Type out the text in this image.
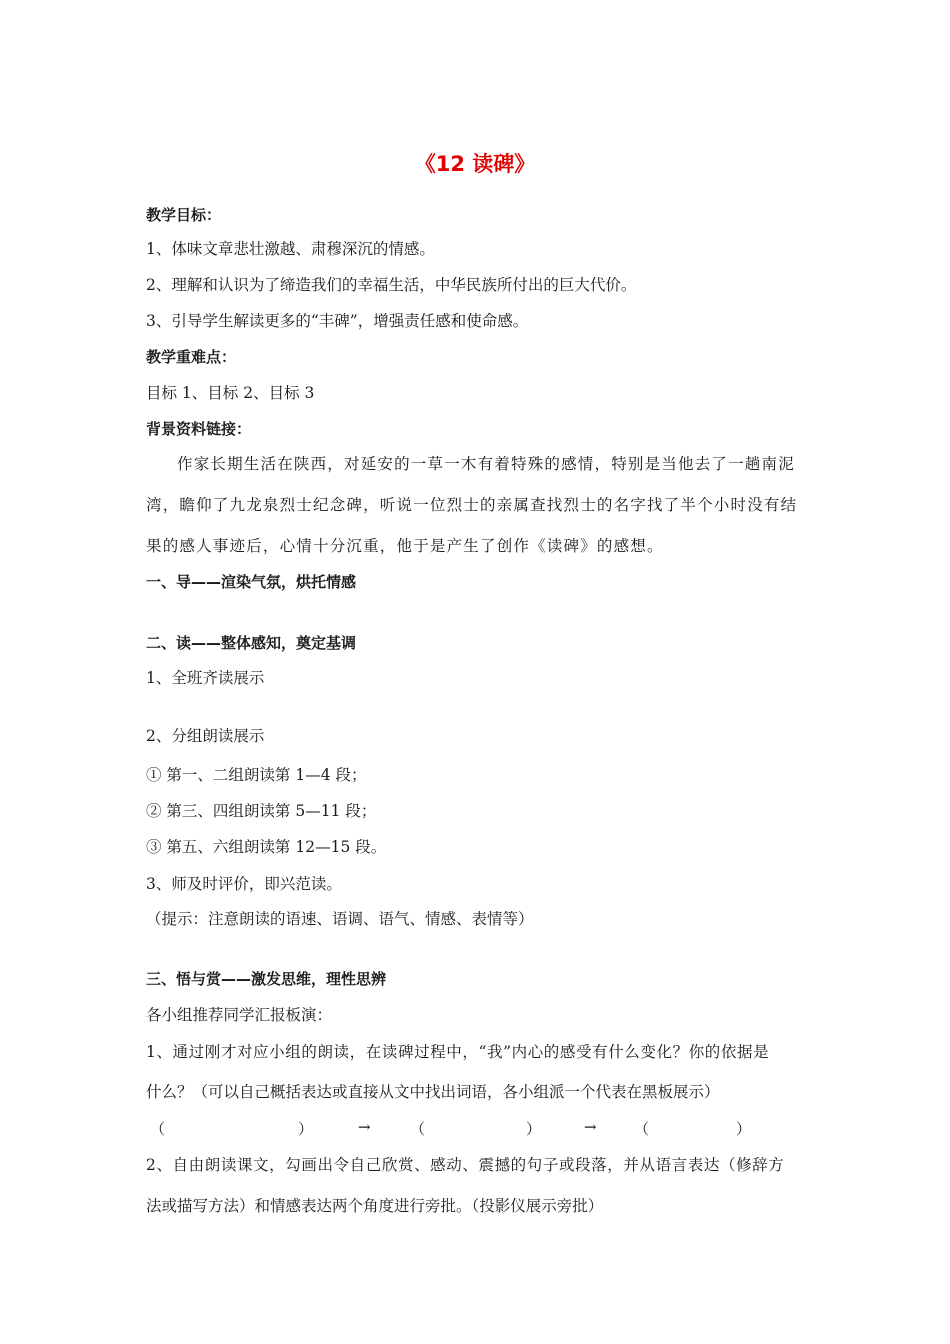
《12 读碑》
教学目标：
1、体味文章悲壮激越、肃穆深沉的情感。
2、理解和认识为了缔造我们的幸福生活，中华民族所付出的巨大代价。
3、引导学生解读更多的“丰碑”，增强责任感和使命感。
教学重难点：
目标 1、目标 2、目标 3
背景资料链接：
作家长期生活在陕西，对延安的一草一木有着特殊的感情，特别是当他去了一趟南泥
湾，瞻仰了九龙泉烈士纪念碑，听说一位烈士的亲属查找烈士的名字找了半个小时没有结
果的感人事迹后，心情十分沉重，他于是产生了创作《读碑》的感想。
一、导——渲染气氛，烘托情感
二、读——整体感知，奠定基调
1、全班齐读展示
2、分组朗读展示
① 第一、二组朗读第 1—4 段；
② 第三、四组朗读第 5—11 段；
③ 第五、六组朗读第 12—15 段。
3、师及时评价，即兴范读。
（提示：注意朗读的语速、语调、语气、情感、表情等）
三、悟与赏——激发思维，理性思辨
各小组推荐同学汇报板演：
1、通过刚才对应小组的朗读，在读碑过程中，“我”内心的感受有什么变化？你的依据是
什么？（可以自己概括表达或直接从文中找出词语，各小组派一个代表在黑板展示）
（	）	→	（	）	→ （	）
2、自由朗读课文，勾画出令自己欣赏、感动、震撼的句子或段落，并从语言表达（修辞方
法或描写方法）和情感表达两个角度进行旁批。（投影仪展示旁批）
